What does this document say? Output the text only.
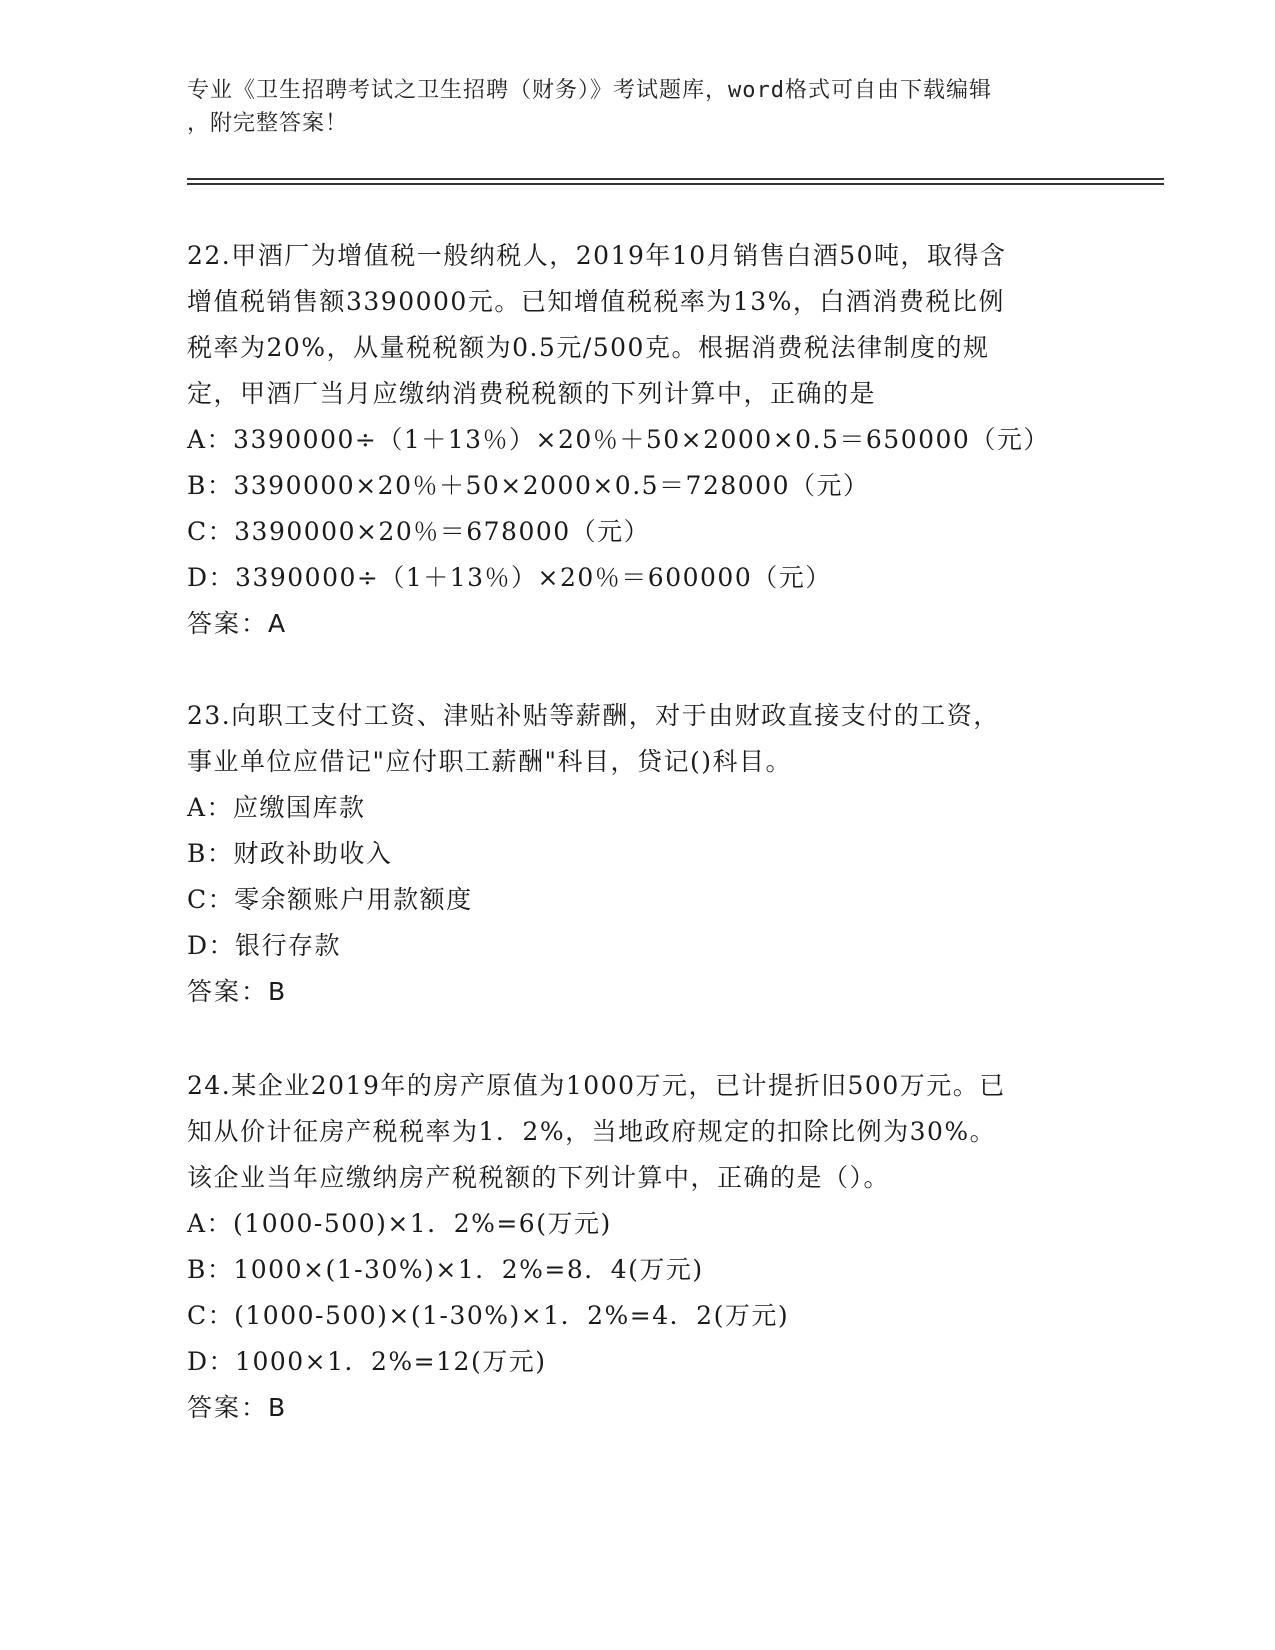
专业《卫生招聘考试之卫生招聘（财务）》考试题库，word格式可自由下载编辑
，附完整答案！
22.甲酒厂为增值税一般纳税人，2019年10月销售白酒50吨，取得含
增值税销售额3390000元。已知增值税税率为13%，白酒消费税比例
税率为20%，从量税税额为0.5元/500克。根据消费税法律制度的规
定，甲酒厂当月应缴纳消费税税额的下列计算中，正确的是
A：3390000÷（1＋13％）×20％＋50×2000×0.5＝650000（元）
B：3390000×20％＋50×2000×0.5＝728000（元）
C：3390000×20％＝678000（元）
D：3390000÷（1＋13％）×20％＝600000（元）
答案：A
23.向职工支付工资、津贴补贴等薪酬，对于由财政直接支付的工资，
事业单位应借记"应付职工薪酬"科目，贷记()科目。
A：应缴国库款
B：财政补助收入
C：零余额账户用款额度
D：银行存款
答案：B
24.某企业2019年的房产原值为1000万元，已计提折旧500万元。已
知从价计征房产税税率为1．2%，当地政府规定的扣除比例为30%。
该企业当年应缴纳房产税税额的下列计算中，正确的是（）。
A：(1000-500)×1．2%=6(万元)
B：1000×(1-30%)×1．2%=8．4(万元)
C：(1000-500)×(1-30%)×1．2%=4．2(万元)
D：1000×1．2%=12(万元)
答案：B
